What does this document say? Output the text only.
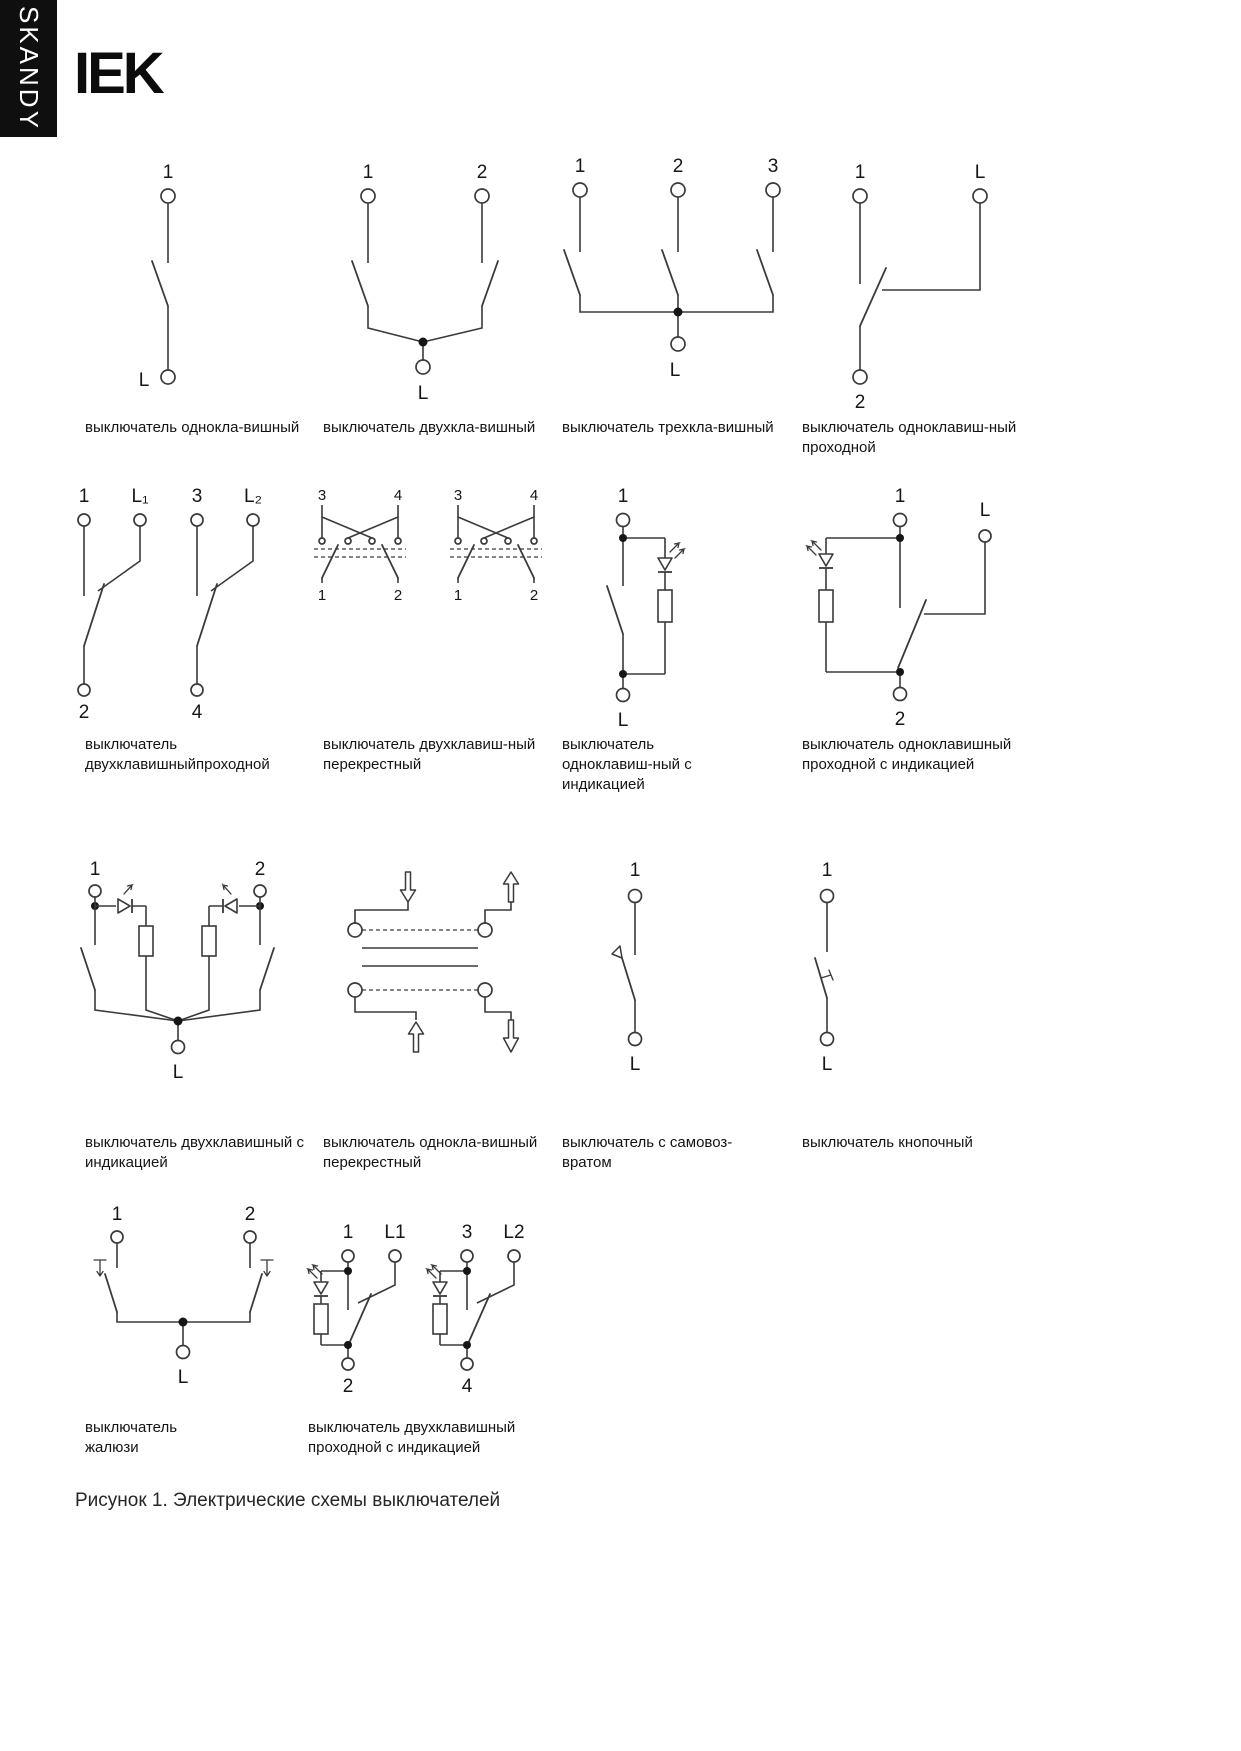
SKANDY IEK
1
L
1	2
L
1	2	3
L
1	L
2
выключатель однокла-вишный	выключатель двухкла-вишный	выключатель трехкла-вишный	выключатель одноклавиш-ный проходной
1 L₁ 3 L₂
2	4
3	4
1	2
3	4
1	2
1
L
1
L
2
выключатель двухклавишныйпроходной
выключатель двухклавиш-ный перекрестный
выключатель одноклавиш-ный с индикацией
выключатель одноклавишный проходной с индикацией
1	2
L
1
L
1
L
выключатель двухклавишный с индикацией
выключатель однокла-вишный перекрестный
выключатель с самовоз-вратом
выключатель кнопочный
1	2
L
1 L1
2
3 L2
4
выключатель жалюзи
выключатель двухклавишный проходной с индикацией
Рисунок 1. Электрические схемы выключателей
